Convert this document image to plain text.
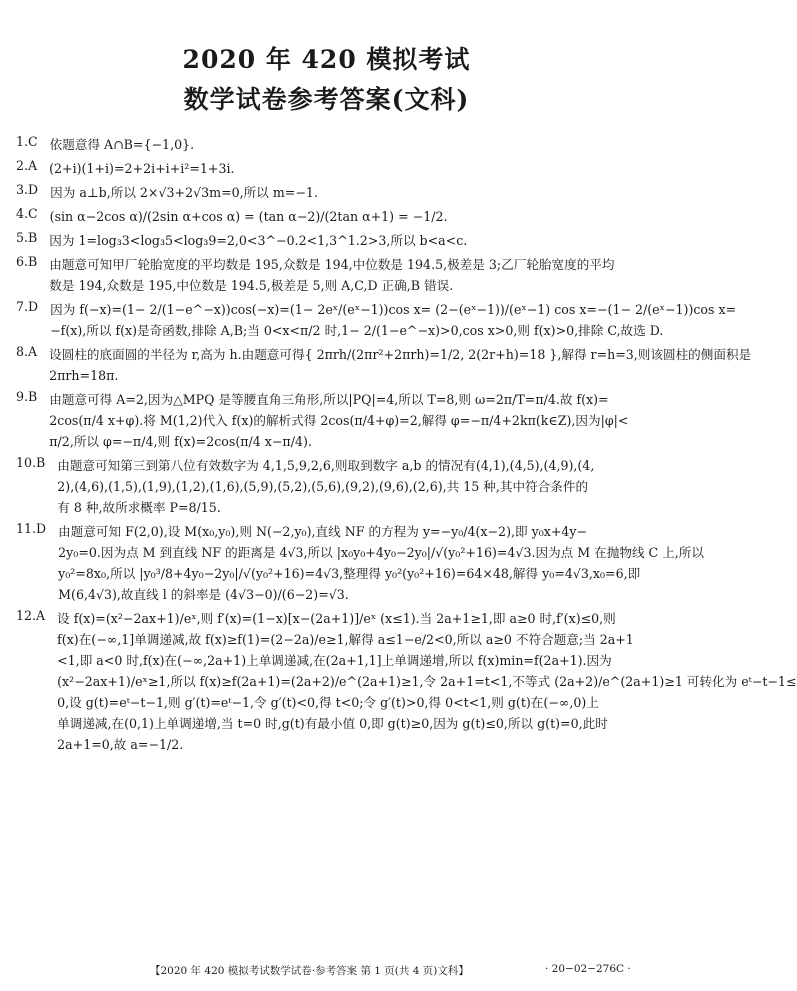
2020 年 420 模拟考试
数学试卷参考答案(文科)
1.C 依题意得 A∩B={−1,0}.
2.A (2+i)(1+i)=2+2i+i+i²=1+3i.
3.D 因为 a⊥b,所以 2×√3+2√3m=0,所以 m=−1.
4.C (sin α−2cos α)/(2sin α+cos α) = (tan α−2)/(2tan α+1) = −1/2.
5.B 因为 1=log₃3<log₃5<log₃9=2,0<3^−0.2<1,3^1.2>3,所以 b<a<c.
6.B 由题意可知甲厂轮胎宽度的平均数是 195,众数是 194,中位数是 194.5,极差是 3;乙厂轮胎宽度的平均
数是 194,众数是 195,中位数是 194.5,极差是 5,则 A,C,D 正确,B 错误.
7.D 因为 f(−x)=(1− 2/(1−e^−x))cos(−x)=(1− 2eˣ/(eˣ−1))cos x= (2−(eˣ−1))/(eˣ−1) cos x=−(1− 2/(eˣ−1))cos x=
−f(x),所以 f(x)是奇函数,排除 A,B;当 0<x<π/2 时,1− 2/(1−e^−x)>0,cos x>0,则 f(x)>0,排除 C,故选 D.
8.A 设圆柱的底面圆的半径为 r,高为 h.由题意可得{ 2πrh/(2πr²+2πrh)=1/2, 2(2r+h)=18 },解得 r=h=3,则该圆柱的侧面积是
2πrh=18π.
9.B 由题意可得 A=2,因为△MPQ 是等腰直角三角形,所以|PQ|=4,所以 T=8,则 ω=2π/T=π/4.故 f(x)=
2cos(π/4 x+φ).将 M(1,2)代入 f(x)的解析式得 2cos(π/4+φ)=2,解得 φ=−π/4+2kπ(k∈Z),因为|φ|<
π/2,所以 φ=−π/4,则 f(x)=2cos(π/4 x−π/4).
10.B 由题意可知第三到第八位有效数字为 4,1,5,9,2,6,则取到数字 a,b 的情况有(4,1),(4,5),(4,9),(4,
2),(4,6),(1,5),(1,9),(1,2),(1,6),(5,9),(5,2),(5,6),(9,2),(9,6),(2,6),共 15 种,其中符合条件的
有 8 种,故所求概率 P=8/15.
11.D 由题意可知 F(2,0),设 M(x₀,y₀),则 N(−2,y₀),直线 NF 的方程为 y=−y₀/4(x−2),即 y₀x+4y−
2y₀=0.因为点 M 到直线 NF 的距离是 4√3,所以 |x₀y₀+4y₀−2y₀|/√(y₀²+16)=4√3.因为点 M 在抛物线 C 上,所以
y₀²=8x₀,所以 |y₀³/8+4y₀−2y₀|/√(y₀²+16)=4√3,整理得 y₀²(y₀²+16)=64×48,解得 y₀=4√3,x₀=6,即
M(6,4√3),故直线 l 的斜率是 (4√3−0)/(6−2)=√3.
12.A 设 f(x)=(x²−2ax+1)/eˣ,则 f′(x)=(1−x)[x−(2a+1)]/eˣ (x≤1).当 2a+1≥1,即 a≥0 时,f′(x)≤0,则
f(x)在(−∞,1]单调递减,故 f(x)≥f(1)=(2−2a)/e≥1,解得 a≤1−e/2<0,所以 a≥0 不符合题意;当 2a+1
<1,即 a<0 时,f(x)在(−∞,2a+1)上单调递减,在(2a+1,1]上单调递增,所以 f(x)min=f(2a+1).因为
(x²−2ax+1)/eˣ≥1,所以 f(x)≥f(2a+1)=(2a+2)/e^(2a+1)≥1,令 2a+1=t<1,不等式 (2a+2)/e^(2a+1)≥1 可转化为 eᵗ−t−1≤
0,设 g(t)=eᵗ−t−1,则 g′(t)=eᵗ−1,令 g′(t)<0,得 t<0;令 g′(t)>0,得 0<t<1,则 g(t)在(−∞,0)上
单调递减,在(0,1)上单调递增,当 t=0 时,g(t)有最小值 0,即 g(t)≥0,因为 g(t)≤0,所以 g(t)=0,此时
2a+1=0,故 a=−1/2.
【2020 年 420 模拟考试数学试卷·参考答案 第 1 页(共 4 页)文科】	· 20−02−276C ·
